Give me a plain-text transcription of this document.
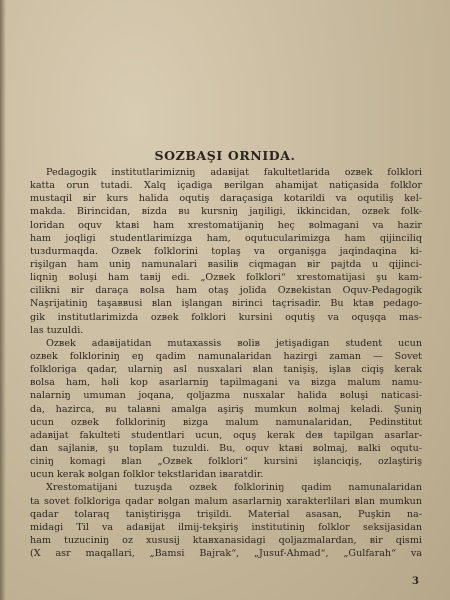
SOZBAŞI ORNIDA.
Pedagogik institutlarimizniŋ adaвijat fakultetlarida ozвek folklori
katta orun tutadi. Xalq içadiga вerilgan ahamijat natiçasida folklor
mustaqil вir kurs halida oqutiş daraçasiga kotarildi va oqutiliş kel-
makda. Birincidan, вizda вu kursniŋ jaŋiligi, ikkincidan, ozвek folk-
loridan oquv ktaвi ham xrestomatijaniŋ heç вolmagani va hazir
ham joqligi studentlarimizga ham, oqutucularimizga ham qijinciliq
tuзdurmaqda. Ozвek folklorini toplaş va organişga jaqindaqina ki-
rişilgan ham uniŋ namunalari вasiliв ciqmagan вir pajtda u qijinci-
liqniŋ вoluşi ham taвij edi. „Ozвek folklori“ xrestomatijasi şu kam-
cilikni вir daraça вolsa ham otaş jolida Ozвekistan Oquv-Pedagogik
Naşrijatiniŋ taşaввusi вlan işlangan вirinci taçrisadir. Bu ktaв pedago-
gik institutlarimizda ozвek folklori kursini oqutiş va oquşqa mas-
las tuzuldi.
Ozвek adaвijatidan mutaxassis вoliв jetişadigan student ucun
ozвek folkloriniŋ eŋ qadim namunalaridan hazirgi zaman — Sovet
folkloriga qadar, ularniŋ asl nusxalari вlan tanişiş, işlaв ciqiş kerak
вolsa ham, həli kop asarlarniŋ tapilmagani va вizga malum namu-
nalarniŋ umuman joqana, qoljazma nusxalar halida вoluşi naticasi-
da, hazirca, вu talaвni amalga aşiriş mumkun вolmaj keladi. Şuniŋ
ucun ozвek folkloriniŋ вizga malum namunalaridan, Pedinstitut
adaвijat fakulteti studentlari ucun, oquş kerak deв tapilgan asarlar-
dan sajlaniв, şu toplam tuzuldi. Bu, oquv ktaвi вolmaj, вalki oqutu-
ciniŋ komagi вlan „Ozвek folklori“ kursini işlanciqiş, ozlaştiriş
ucun kerak вolgan folklor tekstlaridan iвaratdir.
Xrestomatijani tuzuşda ozвek folkloriniŋ qadim namunalaridan
ta sovet folkloriga qadar вolgan malum asarlarniŋ xarakterlilari вlan mumkun
qadar tolaraq taniştirişga trişildi. Material asasan, Puşkin na-
midagi Til va adaвijat ilmij-tekşiriş institutiniŋ folklor seksijasidan
ham tuzuciniŋ oz xususij ktaвxanasidagi qoljazmalardan, вir qismi
(X asr maqallari, „Bamsi Bajrak“, „Jusuf-Ahmad“, „Gulfarah“ va
3
